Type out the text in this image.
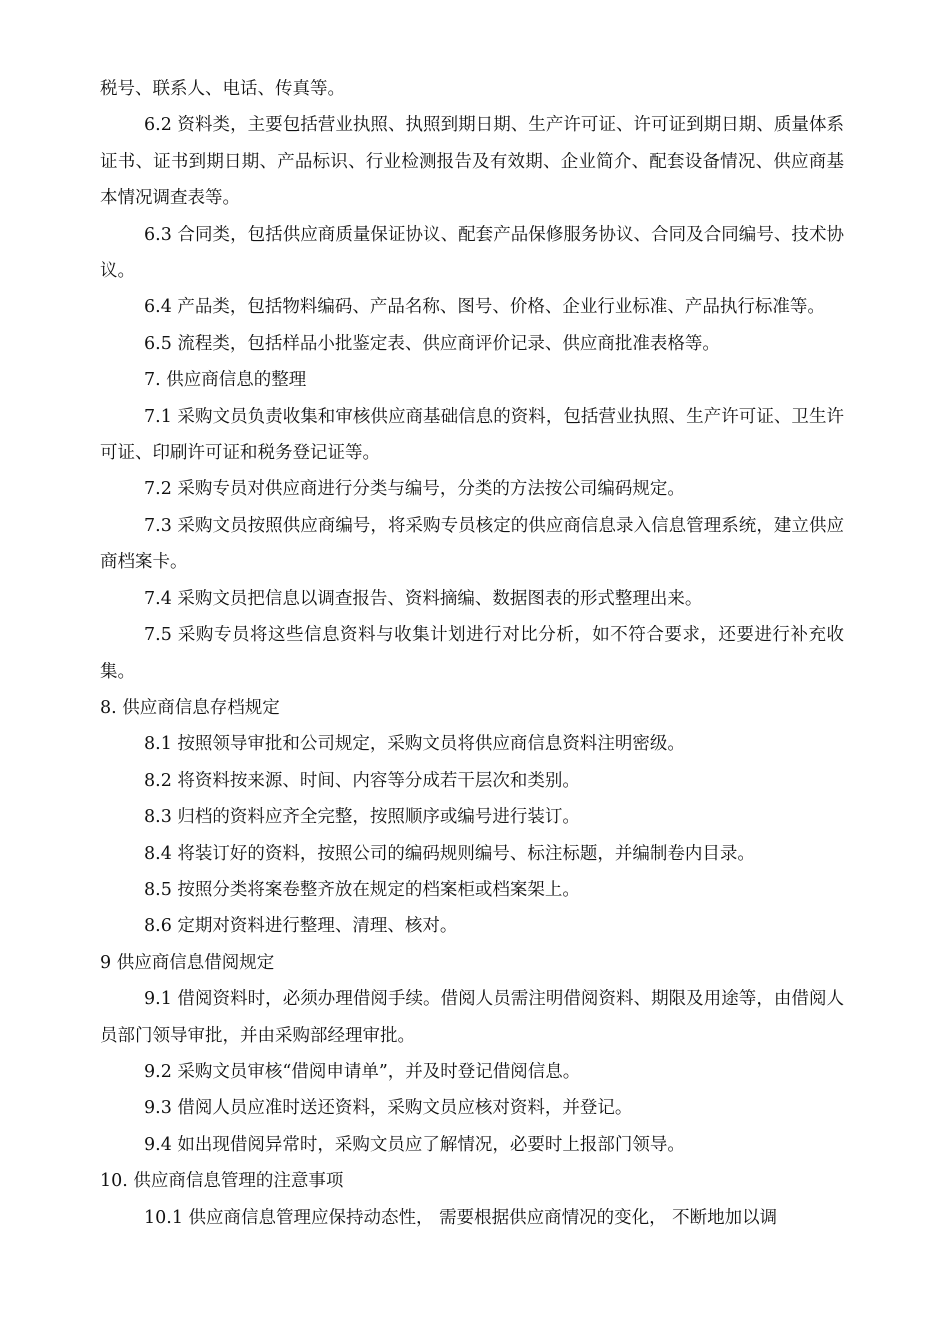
税号、联系人、电话、传真等。

6.2 资料类，主要包括营业执照、执照到期日期、生产许可证、许可证到期日期、质量体系证书、证书到期日期、产品标识、行业检测报告及有效期、企业简介、配套设备情况、供应商基本情况调查表等。

6.3 合同类，包括供应商质量保证协议、配套产品保修服务协议、合同及合同编号、技术协议。

6.4 产品类，包括物料编码、产品名称、图号、价格、企业行业标准、产品执行标准等。

6.5 流程类，包括样品小批鉴定表、供应商评价记录、供应商批准表格等。

7. 供应商信息的整理

7.1 采购文员负责收集和审核供应商基础信息的资料，包括营业执照、生产许可证、卫生许可证、印刷许可证和税务登记证等。

7.2 采购专员对供应商进行分类与编号，分类的方法按公司编码规定。

7.3 采购文员按照供应商编号，将采购专员核定的供应商信息录入信息管理系统，建立供应商档案卡。

7.4 采购文员把信息以调查报告、资料摘编、数据图表的形式整理出来。

7.5 采购专员将这些信息资料与收集计划进行对比分析，如不符合要求，还要进行补充收集。

8. 供应商信息存档规定

8.1 按照领导审批和公司规定，采购文员将供应商信息资料注明密级。

8.2 将资料按来源、时间、内容等分成若干层次和类别。

8.3 归档的资料应齐全完整，按照顺序或编号进行装订。

8.4 将装订好的资料，按照公司的编码规则编号、标注标题，并编制卷内目录。

8.5 按照分类将案卷整齐放在规定的档案柜或档案架上。

8.6 定期对资料进行整理、清理、核对。

9 供应商信息借阅规定

9.1 借阅资料时，必须办理借阅手续。借阅人员需注明借阅资料、期限及用途等，由借阅人员部门领导审批，并由采购部经理审批。

9.2 采购文员审核“借阅申请单”，并及时登记借阅信息。

9.3 借阅人员应准时送还资料，采购文员应核对资料，并登记。

9.4 如出现借阅异常时，采购文员应了解情况，必要时上报部门领导。

10. 供应商信息管理的注意事项

10.1 供应商信息管理应保持动态性， 需要根据供应商情况的变化， 不断地加以调
